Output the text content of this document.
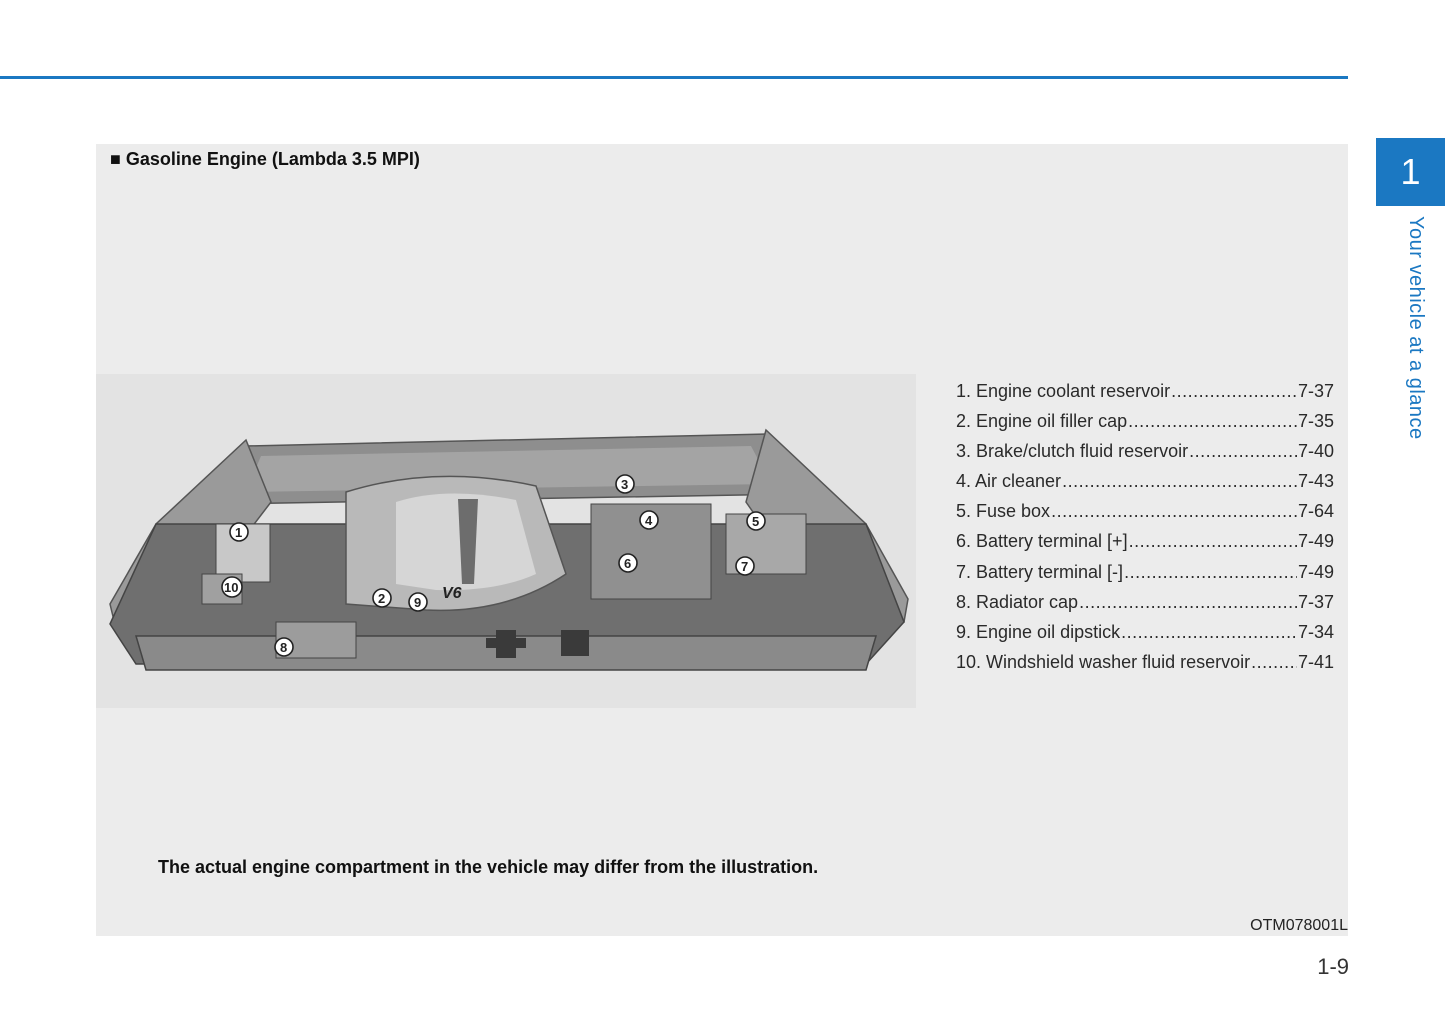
■ Gasoline Engine (Lambda 3.5 MPI)
V6
1
2
3
4	5
6	7
8
9
10
1. Engine coolant reservoir .....	7-37
2. Engine oil filler cap .....	7-35
3. Brake/clutch fluid reservoir .....	7-40
4. Air cleaner .....	7-43
5. Fuse box .....	7-64
6. Battery terminal [+] .....	7-49
7. Battery terminal [-] .....	7-49
8. Radiator cap .....	7-37
9. Engine oil dipstick .....	7-34
10. Windshield washer fluid reservoir .....	7-41
The actual engine compartment in the vehicle may differ from the illustration.
OTM078001L
1-9
1
Your vehicle at a glance
